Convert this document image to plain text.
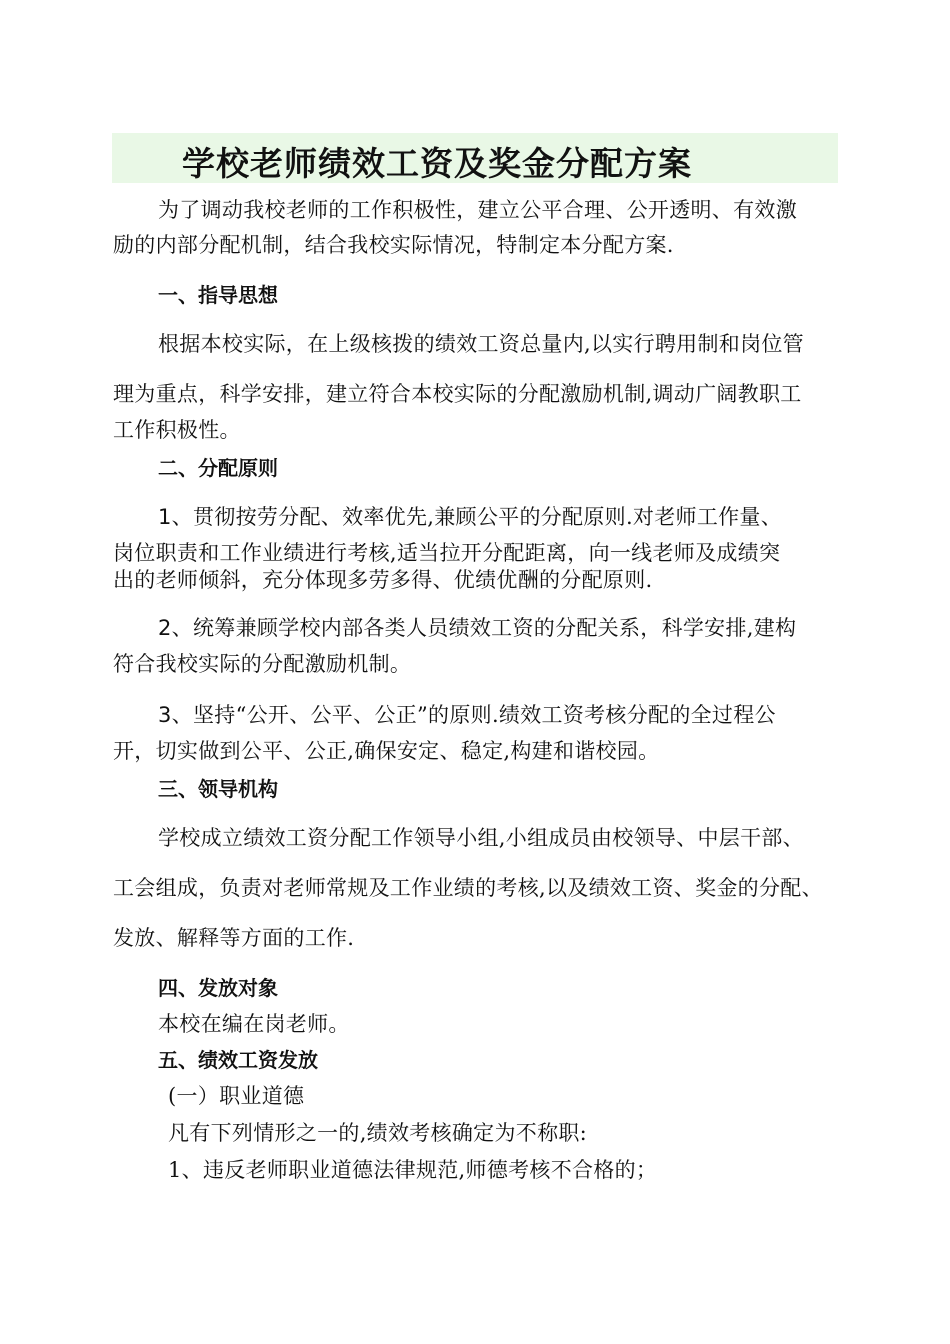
学校老师绩效工资及奖金分配方案
为了调动我校老师的工作积极性，建立公平合理、公开透明、有效激
励的内部分配机制，结合我校实际情况，特制定本分配方案.
一、指导思想
根据本校实际，在上级核拨的绩效工资总量内,以实行聘用制和岗位管
理为重点，科学安排，建立符合本校实际的分配激励机制,调动广阔教职工
工作积极性。
二、分配原则
1、贯彻按劳分配、效率优先,兼顾公平的分配原则.对老师工作量、
岗位职责和工作业绩进行考核,适当拉开分配距离，向一线老师及成绩突
出的老师倾斜，充分体现多劳多得、优绩优酬的分配原则.
2、统筹兼顾学校内部各类人员绩效工资的分配关系，科学安排,建构
符合我校实际的分配激励机制。
3、坚持“公开、公平、公正”的原则.绩效工资考核分配的全过程公
开，切实做到公平、公正,确保安定、稳定,构建和谐校园。
三、领导机构
学校成立绩效工资分配工作领导小组,小组成员由校领导、中层干部、
工会组成，负责对老师常规及工作业绩的考核,以及绩效工资、奖金的分配、
发放、解释等方面的工作.
四、发放对象
本校在编在岗老师。
五、绩效工资发放
(一）职业道德
凡有下列情形之一的,绩效考核确定为不称职:
1、违反老师职业道德法律规范,师德考核不合格的；
